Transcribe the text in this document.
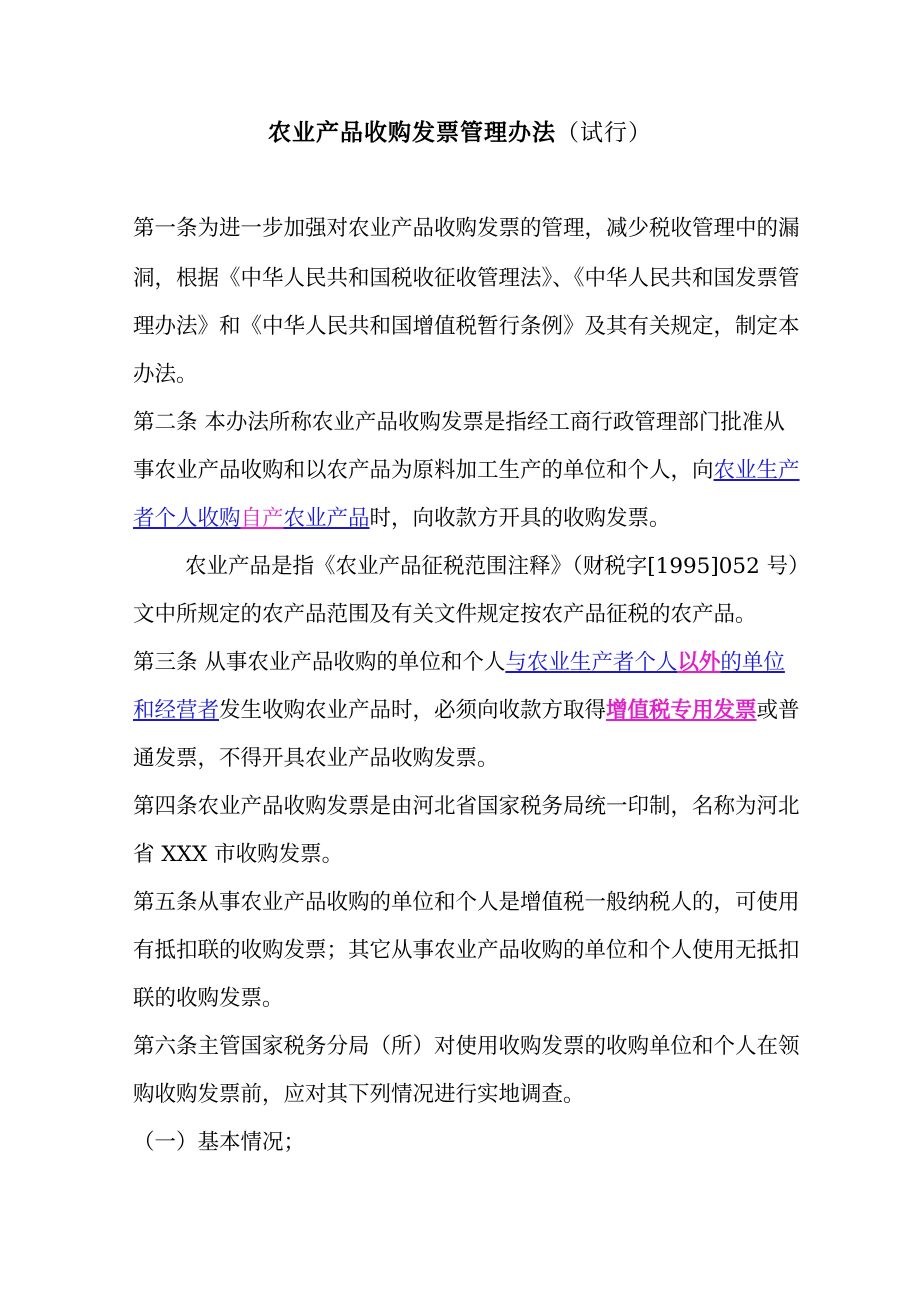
农业产品收购发票管理办法（试行）
第一条为进一步加强对农业产品收购发票的管理，减少税收管理中的漏
洞，根据《中华人民共和国税收征收管理法》、《中华人民共和国发票管
理办法》和《中华人民共和国增值税暂行条例》及其有关规定，制定本
办法。
第二条 本办法所称农业产品收购发票是指经工商行政管理部门批准从
事农业产品收购和以农产品为原料加工生产的单位和个人，向农业生产
者个人收购自产农业产品时，向收款方开具的收购发票。
农业产品是指《农业产品征税范围注释》（财税字[1995]052 号）
文中所规定的农产品范围及有关文件规定按农产品征税的农产品。
第三条 从事农业产品收购的单位和个人与农业生产者个人以外的单位
和经营者发生收购农业产品时，必须向收款方取得增值税专用发票或普
通发票，不得开具农业产品收购发票。
第四条农业产品收购发票是由河北省国家税务局统一印制，名称为河北
省 XXX 市收购发票。
第五条从事农业产品收购的单位和个人是增值税一般纳税人的，可使用
有抵扣联的收购发票；其它从事农业产品收购的单位和个人使用无抵扣
联的收购发票。
第六条主管国家税务分局（所）对使用收购发票的收购单位和个人在领
购收购发票前，应对其下列情况进行实地调查。
（一）基本情况；
